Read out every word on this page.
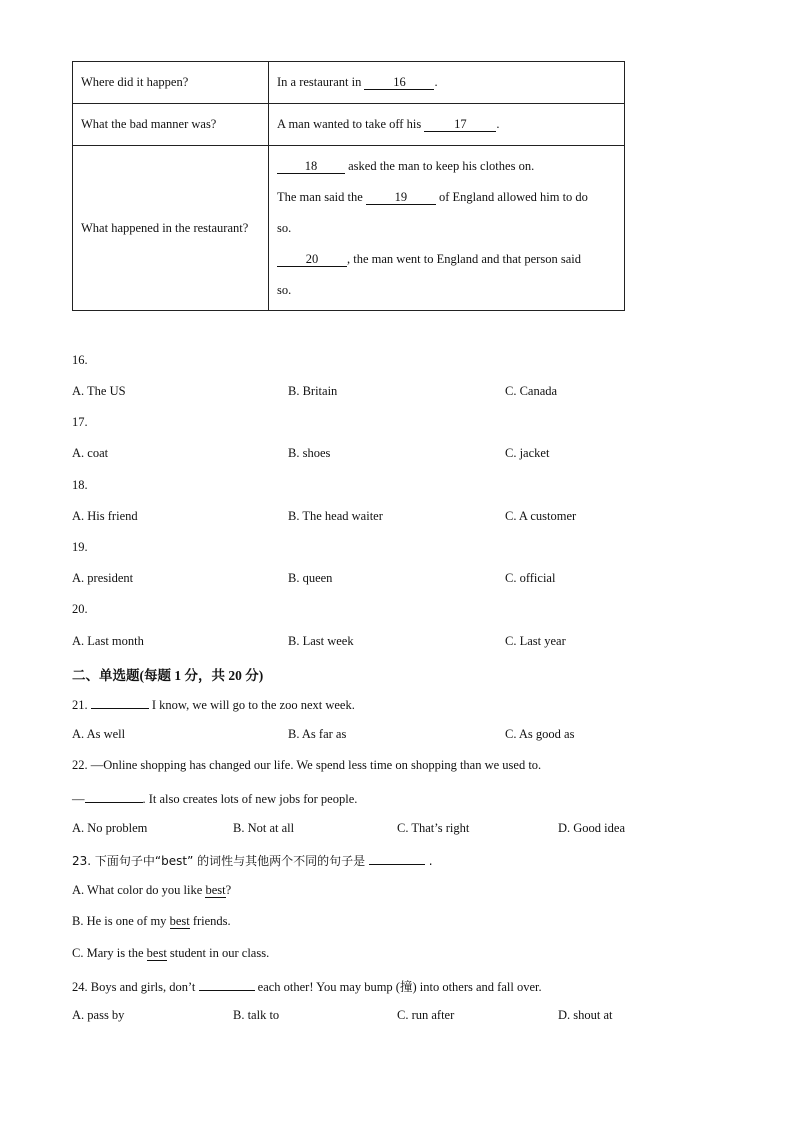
Where did it happen?	In a restaurant in 16 .
What the bad manner was?	A man wanted to take off his 17 .
What happened in the restaurant?	18 asked the man to keep his clothes on.
The man said the 19 of England allowed him to do
so.
20 , the man went to England and that person said
so.
16.
A. The US	B. Britain	C. Canada
17.
A. coat	B. shoes	C. jacket
18.
A. His friend	B. The head waiter	C. A customer
19.
A. president	B. queen	C. official
20.
A. Last month	B. Last week	C. Last year
二、单选题(每题 1 分，共 20 分)
21.	I know, we will go to the zoo next week.
A. As well	B. As far as	C. As good as
22. —Online shopping has changed our life. We spend less time on shopping than we used to.
—	. It also creates lots of new jobs for people.
A. No problem	B. Not at all	C. That’s right	D. Good idea
23. 下面句子中“best” 的词性与其他两个不同的句子是	.
A. What color do you like best?
B. He is one of my best friends.
C. Mary is the best student in our class.
24. Boys and girls, don’t	each other! You may bump (撞) into others and fall over.
A. pass by	B. talk to	C. run after	D. shout at
